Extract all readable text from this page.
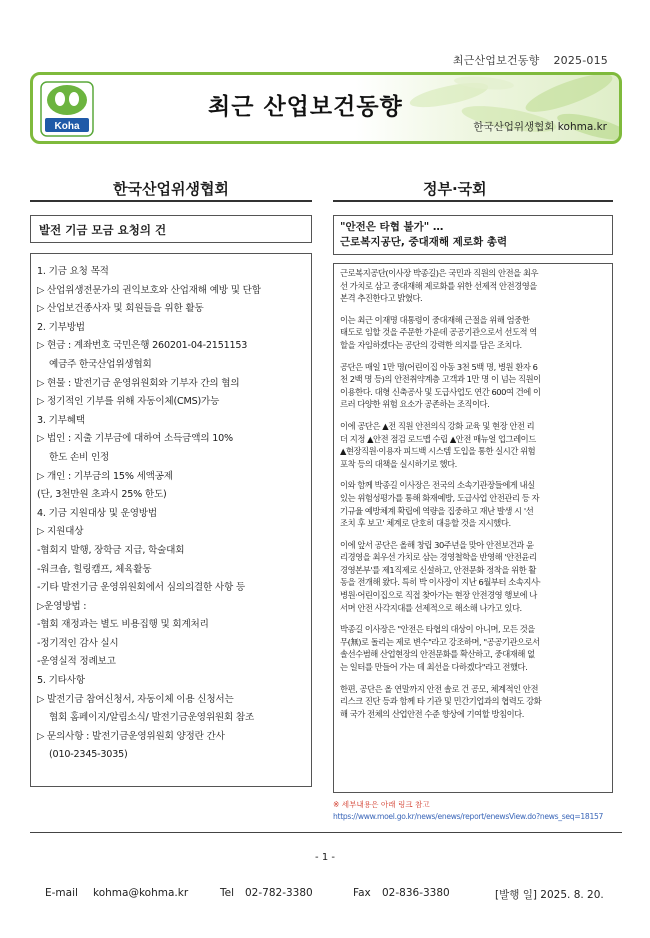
최근산업보건동향 2025-015
Koha
최근 산업보건동향
한국산업위생협회 kohma.kr
한국산업위생협회	정부·국회
발전 기금 모금 요청의 건
1. 기금 요청 목적
▷ 산업위생전문가의 권익보호와 산업재해 예방 및 단합
▷ 산업보건종사자 및 회원들을 위한 활동
2. 기부방법
▷ 현금 : 계좌번호 국민은행 260201-04-2151153
예금주 한국산업위생협회
▷ 현물 : 발전기금 운영위원회와 기부자 간의 협의
▷ 정기적인 기부를 위해 자동이체(CMS)가능
3. 기부혜택
▷ 법인 : 지출 기부금에 대하여 소득금액의 10%
한도 손비 인정
▷ 개인 : 기부금의 15% 세액공제
(단, 3천만원 초과시 25% 한도)
4. 기금 지원대상 및 운영방법
▷ 지원대상
-협회지 발행, 장학금 지급, 학술대회
-워크숍, 힐링캠프, 체육활동
-기타 발전기금 운영위원회에서 심의의결한 사항 등
▷운영방법 :
-협회 재정과는 별도 비용집행 및 회계처리
-정기적인 감사 실시
-운영실적 정례보고
5. 기타사항
▷ 발전기금 참여신청서, 자동이체 이용 신청서는
협회 홈페이지/알림소식/ 발전기금운영위원회 참조
▷ 문의사항 : 발전기금운영위원회 양정란 간사
(010-2345-3035)
"안전은 타협 불가" …
근로복지공단, 중대재해 제로화 총력

근로복지공단(이사장 박종길)은 국민과 직원의 안전을 최우
선 가치로 삼고 중대재해 제로화를 위한 선제적 안전경영을
본격 추진한다고 밝혔다.

이는 최근 이재명 대통령이 중대재해 근절을 위해 엄중한
태도로 임할 것을 주문한 가운데 공공기관으로서 선도적 역
할을 자임하겠다는 공단의 강력한 의지를 담은 조치다.

공단은 매일 1만 명(어린이집 아동 3천 5백 명, 병원 환자 6
천 2백 명 등)의 안전취약계층 고객과 1만 명 이 넘는 직원이
이용한다. 대형 신축공사 및 도급사업도 연간 600여 건에 이
르러 다양한 위험 요소가 공존하는 조직이다.

이에 공단은 ▲전 직원 안전의식 강화 교육 및 현장 안전 리
더 지정 ▲안전 점검 로드맵 수립 ▲안전 매뉴얼 업그레이드
▲현장직원·이용자 피드백 시스템 도입을 통한 실시간 위험
포착 등의 대책을 실시하기로 했다.

이와 함께 박종길 이사장은 전국의 소속기관장들에게 내실
있는 위험성평가를 통해 화재예방, 도급사업 안전관리 등 자
기규율 예방체계 확립에 역량을 집중하고 재난 발생 시 '선
조치 후 보고' 체계로 단호히 대응할 것을 지시했다.

이에 앞서 공단은 올해 창립 30주년을 맞아 안전보건과 윤
리경영을 최우선 가치로 삼는 경영철학을 반영해 '안전윤리
경영본부'를 제1직제로 신설하고, 안전문화 정착을 위한 활
동을 전개해 왔다. 특히 박 이사장이 지난 6월부터 소속지사·
병원·어린이집으로 직접 찾아가는 현장 안전경영 행보에 나
서며 안전 사각지대를 선제적으로 해소해 나가고 있다.

박종길 이사장은 "안전은 타협의 대상이 아니며, 모든 것을
무(無)로 돌리는 제로 변수"라고 강조하며, "공공기관으로서
솔선수범해 산업현장의 안전문화를 확산하고, 중대재해 없
는 일터를 만들어 가는 데 최선을 다하겠다"라고 전했다.

한편, 공단은 올 연말까지 안전 솔로 건 공모, 체계적인 안전
리스크 진단 등과 함께 타 기관 및 민간기업과의 협력도 강화
해 국가 전체의 산업안전 수준 향상에 기여할 방침이다.

※ 세부내용은 아래 링크 참고
https://www.moel.go.kr/news/enews/report/enewsView.do?news_seq=18157
- 1 -
E-mail kohma@kohma.kr	Tel 02-782-3380	Fax 02-836-3380	[발행 일] 2025. 8. 20.
